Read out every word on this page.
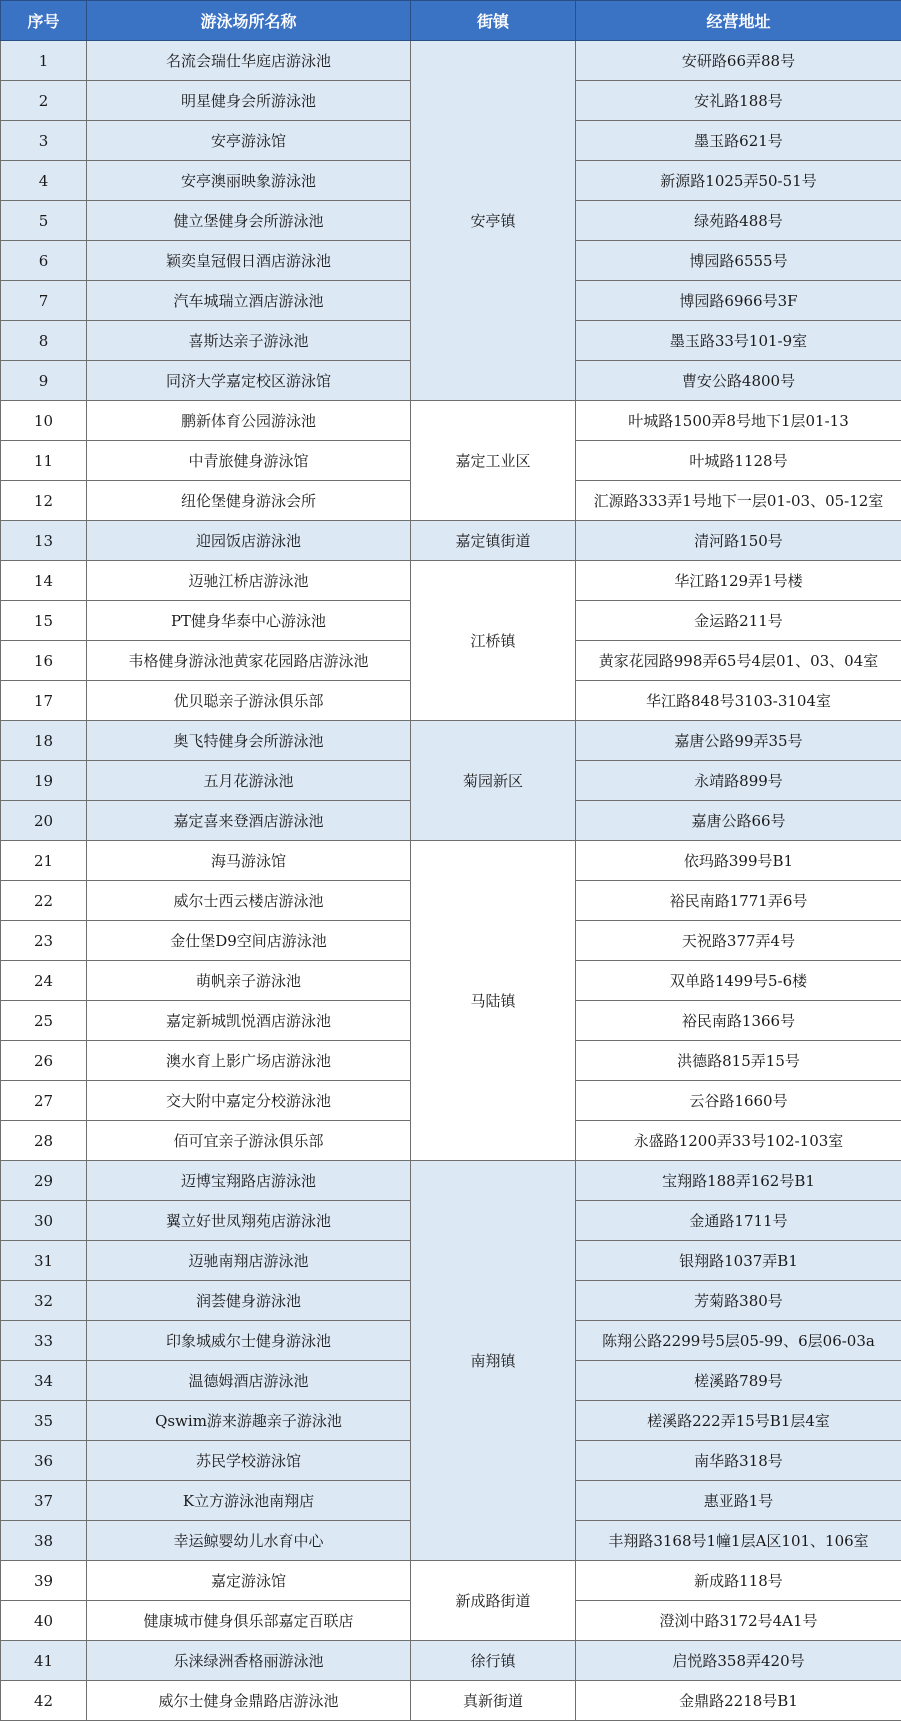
序号	游泳场所名称	街镇	经营地址
1	名流会瑞仕华庭店游泳池	安亭镇	安研路66弄88号
2	明星健身会所游泳池		安礼路188号
3	安亭游泳馆		墨玉路621号
4	安亭澳丽映象游泳池		新源路1025弄50-51号
5	健立堡健身会所游泳池		绿苑路488号
6	颖奕皇冠假日酒店游泳池		博园路6555号
7	汽车城瑞立酒店游泳池		博园路6966号3F
8	喜斯达亲子游泳池		墨玉路33号101-9室
9	同济大学嘉定校区游泳馆		曹安公路4800号
10	鹏新体育公园游泳池	嘉定工业区	叶城路1500弄8号地下1层01-13
11	中青旅健身游泳馆		叶城路1128号
12	纽伦堡健身游泳会所		汇源路333弄1号地下一层01-03、05-12室
13	迎园饭店游泳池	嘉定镇街道	清河路150号
14	迈驰江桥店游泳池	江桥镇	华江路129弄1号楼
15	PT健身华泰中心游泳池		金运路211号
16	韦格健身游泳池黄家花园路店游泳池		黄家花园路998弄65号4层01、03、04室
17	优贝聪亲子游泳俱乐部		华江路848号3103-3104室
18	奥飞特健身会所游泳池	菊园新区	嘉唐公路99弄35号
19	五月花游泳池		永靖路899号
20	嘉定喜来登酒店游泳池		嘉唐公路66号
21	海马游泳馆	马陆镇	依玛路399号B1
22	威尔士西云楼店游泳池		裕民南路1771弄6号
23	金仕堡D9空间店游泳池		天祝路377弄4号
24	萌帆亲子游泳池		双单路1499号5-6楼
25	嘉定新城凯悦酒店游泳池		裕民南路1366号
26	澳水育上影广场店游泳池		洪德路815弄15号
27	交大附中嘉定分校游泳池		云谷路1660号
28	佰可宜亲子游泳俱乐部		永盛路1200弄33号102-103室
29	迈博宝翔路店游泳池	南翔镇	宝翔路188弄162号B1
30	翼立好世凤翔苑店游泳池		金通路1711号
31	迈驰南翔店游泳池		银翔路1037弄B1
32	润荟健身游泳池		芳菊路380号
33	印象城威尔士健身游泳池		陈翔公路2299号5层05-99、6层06-03a
34	温德姆酒店游泳池		槎溪路789号
35	Qswim游来游趣亲子游泳池		槎溪路222弄15号B1层4室
36	苏民学校游泳馆		南华路318号
37	K立方游泳池南翔店		惠亚路1号
38	幸运鲸婴幼儿水育中心		丰翔路3168号1幢1层A区101、106室
39	嘉定游泳馆	新成路街道	新成路118号
40	健康城市健身俱乐部嘉定百联店		澄浏中路3172号4A1号
41	乐涞绿洲香格丽游泳池	徐行镇	启悦路358弄420号
42	威尔士健身金鼎路店游泳池	真新街道	金鼎路2218号B1
